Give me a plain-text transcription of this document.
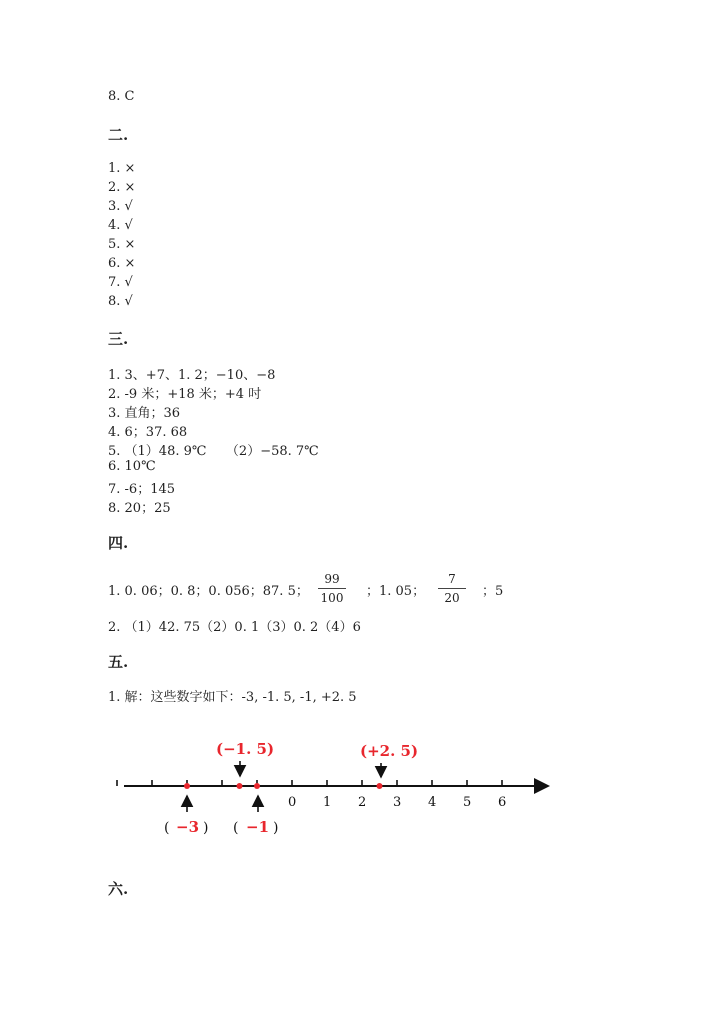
8. C
二.
1. ×
2. ×
3. √
4. √
5. ×
6. ×
7. √
8. √
三.
1. 3、+7、1. 2；−10、−8
2. -9 米；+18 米；+4 吋
3. 直角；36
4. 6；37. 68
5. （1）48. 9℃　　（2）−58. 7℃
6. 10℃
7. -6；145
8. 20；25
四.
1. 0. 06；0. 8；0. 056；87. 5；
99
100	；1. 05；
7
20	；5
2. （1）42. 75（2）0. 1（3）0. 2（4）6
五.
1. 解：这些数字如下：-3, -1. 5, -1, +2. 5
0 1 2 3 4 5 6
(−1. 5)	(+2. 5)
( −3 ) ( −1 )
六.
